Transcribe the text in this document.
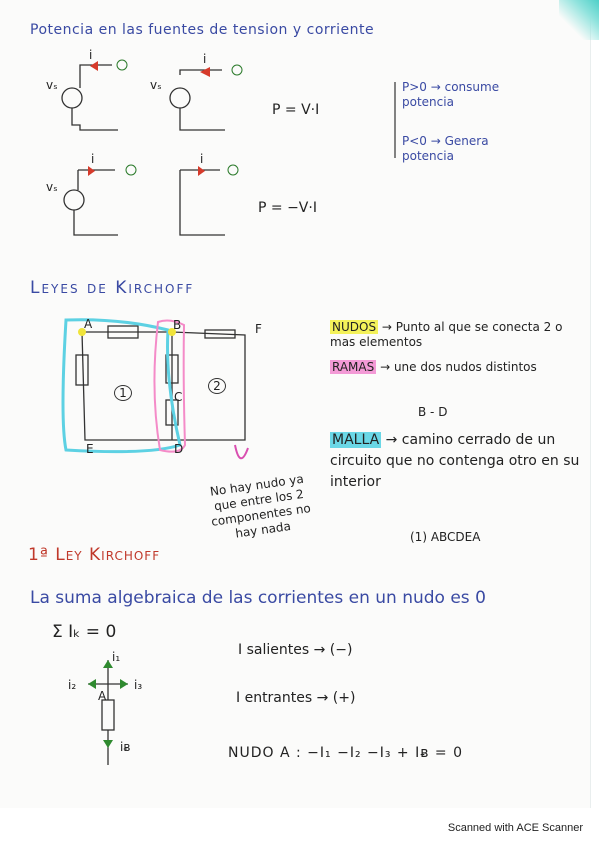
Potencia en las fuentes de tension y corriente
vₛ	vₛ
vₛ
i	i
i	i
P = V·I
P = −V·I
P>0 → consume potencia
P<0 → Genera potencia
Leyes de Kirchoff
A	B
C
D
E
F
1	2
NUDOS → Punto al que se conecta 2 o mas elementos
RAMAS → une dos nudos distintos
B - D
MALLA → camino cerrado de un circuito que no contenga otro en su interior
(1) ABCDEA
No hay nudo ya que entre los 2 componentes no hay nada
1ª Ley Kirchoff
La suma algebraica de las corrientes en un nudo es 0
Σ Iₖ = 0
i₁
i₂	i₃
A
iᴃ
I salientes → (−)
I entrantes → (+)
NUDO A : −I₁ −I₂ −I₃ + Iᴃ = 0
Scanned with ACE Scanner
